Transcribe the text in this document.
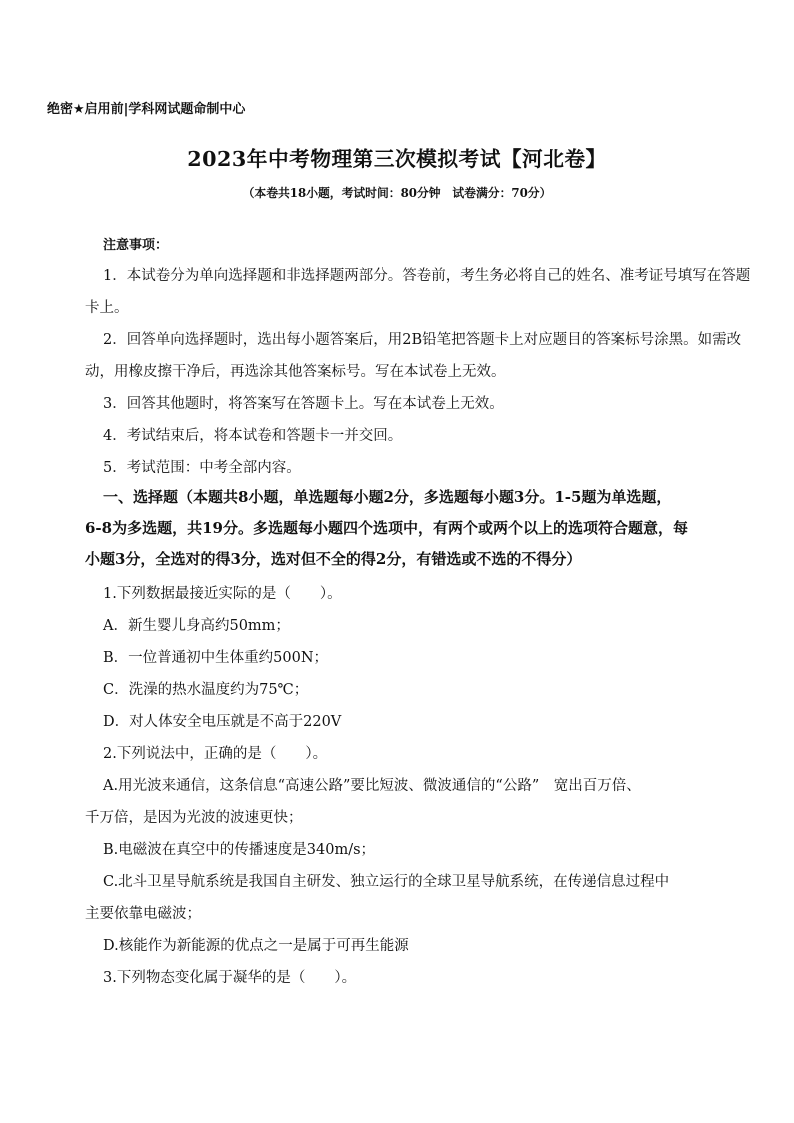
绝密★启用前|学科网试题命制中心
2023年中考物理第三次模拟考试【河北卷】
（本卷共18小题，考试时间：80分钟　试卷满分：70分）
注意事项：
1．本试卷分为单向选择题和非选择题两部分。答卷前，考生务必将自己的姓名、准考证号填写在答题
卡上。
2．回答单向选择题时，选出每小题答案后，用2B铅笔把答题卡上对应题目的答案标号涂黑。如需改
动，用橡皮擦干净后，再选涂其他答案标号。写在本试卷上无效。
3．回答其他题时，将答案写在答题卡上。写在本试卷上无效。
4．考试结束后，将本试卷和答题卡一并交回。
5．考试范围：中考全部内容。
一、选择题（本题共8小题，单选题每小题2分，多选题每小题3分。1-5题为单选题，
6-8为多选题，共19分。多选题每小题四个选项中，有两个或两个以上的选项符合题意，每
小题3分，全选对的得3分，选对但不全的得2分，有错选或不选的不得分）
1.下列数据最接近实际的是（　　）。
A．新生婴儿身高约50mm；
B．一位普通初中生体重约500N；
C．洗澡的热水温度约为75℃；
D．对人体安全电压就是不高于220V
2.下列说法中，正确的是（　　）。
A.用光波来通信，这条信息“高速公路”要比短波、微波通信的“公路”　宽出百万倍、
千万倍，是因为光波的波速更快；
B.电磁波在真空中的传播速度是340m/s；
C.北斗卫星导航系统是我国自主研发、独立运行的全球卫星导航系统，在传递信息过程中
主要依靠电磁波；
D.核能作为新能源的优点之一是属于可再生能源
3.下列物态变化属于凝华的是（　　）。
